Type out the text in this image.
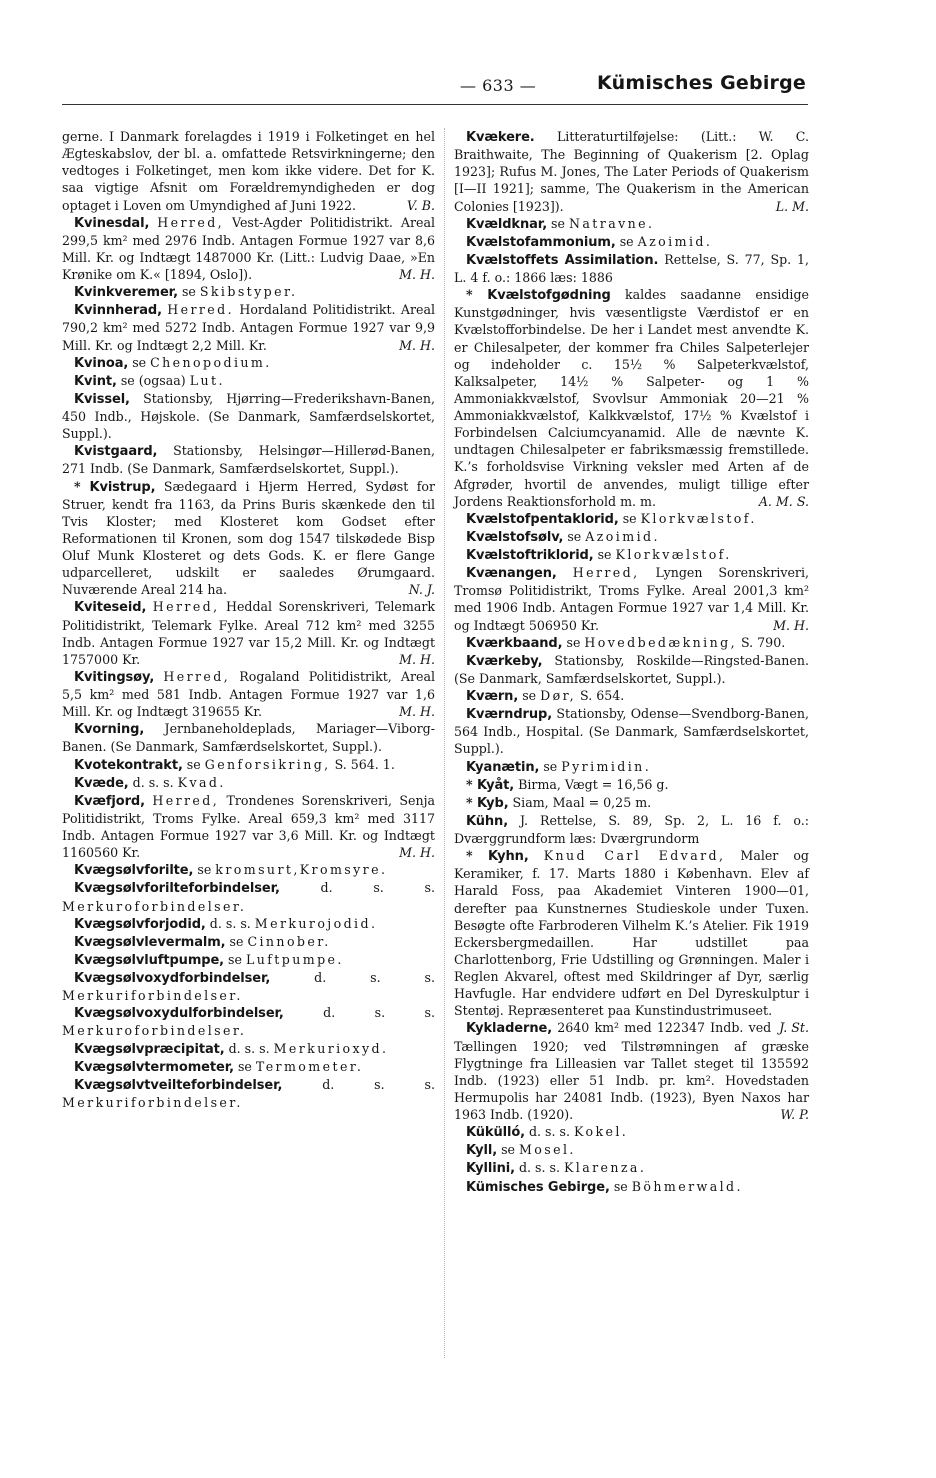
— 633 —	Kümisches Gebirge

gerne. I Danmark forelagdes i 1919 i Folketinget en hel Ægteskabslov, der bl. a. omfattede Retsvirkningerne; den vedtoges i Folketinget, men kom ikke videre. Det for K. saa vigtige Afsnit om Forældremyndigheden er dog optaget i Loven om Umyndighed af Juni 1922.	V. B.

Kvinesdal, Herred, Vest-Agder Politidistrikt. Areal 299,5 km² med 2976 Indb. Antagen Formue 1927 var 8,6 Mill. Kr. og Indtægt 1487000 Kr. (Litt.: Ludvig Daae, »En Krønike om K.« [1894, Oslo]).	M. H.

Kvinkveremer, se Skibstyper.

Kvinnherad, Herred. Hordaland Politidistrikt. Areal 790,2 km² med 5272 Indb. Antagen Formue 1927 var 9,9 Mill. Kr. og Indtægt 2,2 Mill. Kr.	M. H.

Kvinoa, se Chenopodium.

Kvint, se (ogsaa) Lut.

Kvissel, Stationsby, Hjørring—Frederikshavn-Banen, 450 Indb., Højskole. (Se Danmark, Samfærdselskortet, Suppl.).

Kvistgaard, Stationsby, Helsingør—Hillerød-Banen, 271 Indb. (Se Danmark, Samfærdselskortet, Suppl.).

* Kvistrup, Sædegaard i Hjerm Herred, Sydøst for Struer, kendt fra 1163, da Prins Buris skænkede den til Tvis Kloster; med Klosteret kom Godset efter Reformationen til Kronen, som dog 1547 tilskødede Bisp Oluf Munk Klosteret og dets Gods. K. er flere Gange udparcelleret, udskilt er saaledes Ørumgaard. Nuværende Areal 214 ha.	N. J.

Kviteseid, Herred, Heddal Sorenskriveri, Telemark Politidistrikt, Telemark Fylke. Areal 712 km² med 3255 Indb. Antagen Formue 1927 var 15,2 Mill. Kr. og Indtægt 1757000 Kr.	M. H.

Kvitingsøy, Herred, Rogaland Politidistrikt, Areal 5,5 km² med 581 Indb. Antagen Formue 1927 var 1,6 Mill. Kr. og Indtægt 319655 Kr.	M. H.

Kvorning, Jernbaneholdeplads, Mariager—Viborg-Banen. (Se Danmark, Samfærdselskortet, Suppl.).

Kvotekontrakt, se Genforsikring, S. 564. 1.

Kvæde, d. s. s. Kvad.

Kvæfjord, Herred, Trondenes Sorenskriveri, Senja Politidistrikt, Troms Fylke. Areal 659,3 km² med 3117 Indb. Antagen Formue 1927 var 3,6 Mill. Kr. og Indtægt 1160560 Kr.	M. H.

Kvægsølvforilte, se kromsurt,Kromsyre.

Kvægsølvforilteforbindelser, d. s. s. Merkuroforbindelser.

Kvægsølvforjodid, d. s. s. Merkurojodid.

Kvægsølvlevermalm, se Cinnober.

Kvægsølvluftpumpe, se Luftpumpe.

Kvægsølvoxydforbindelser, d. s. s. Merkuriforbindelser.

Kvægsølvoxydulforbindelser, d. s. s. Merkuroforbindelser.

Kvægsølvpræcipitat, d. s. s. Merkurioxyd.

Kvægsølvtermometer, se Termometer.

Kvægsølvtveilteforbindelser, d. s. s. Merkuriforbindelser.

Kvækere. Litteraturtilføjelse: (Litt.: W. C. Braithwaite, The Beginning of Quakerism [2. Oplag 1923]; Rufus M. Jones, The Later Periods of Quakerism [I—II 1921]; samme, The Quakerism in the American Colonies [1923]).	L. M.

Kvældknar, se Natravne.

Kvælstofammonium, se Azoimid.

Kvælstoffets Assimilation. Rettelse, S. 77, Sp. 1, L. 4 f. o.: 1866 læs: 1886

* Kvælstofgødning kaldes saadanne ensidige Kunstgødninger, hvis væsentligste Værdistof er en Kvælstofforbindelse. De her i Landet mest anvendte K. er Chilesalpeter, der kommer fra Chiles Salpeterlejer og indeholder c. 15½ % Salpeterkvælstof, Kalksalpeter, 14½ % Salpeter- og 1 % Ammoniakkvælstof, Svovlsur Ammoniak 20—21 % Ammoniakkvælstof, Kalkkvælstof, 17½ % Kvælstof i Forbindelsen Calciumcyanamid. Alle de nævnte K. undtagen Chilesalpeter er fabriksmæssig fremstillede. K.’s forholdsvise Virkning veksler med Arten af de Afgrøder, hvortil de anvendes, muligt tillige efter Jordens Reaktionsforhold m. m.	A. M. S.

Kvælstofpentaklorid, se Klorkvælstof.

Kvælstofsølv, se Azoimid.

Kvælstoftriklorid, se Klorkvælstof.

Kvænangen, Herred, Lyngen Sorenskriveri, Tromsø Politidistrikt, Troms Fylke. Areal 2001,3 km² med 1906 Indb. Antagen Formue 1927 var 1,4 Mill. Kr. og Indtægt 506950 Kr.	M. H.

Kværkbaand, se Hovedbedækning, S. 790.

Kværkeby, Stationsby, Roskilde—Ringsted-Banen. (Se Danmark, Samfærdselskortet, Suppl.).

Kværn, se Dør, S. 654.

Kværndrup, Stationsby, Odense—Svendborg-Banen, 564 Indb., Hospital. (Se Danmark, Samfærdselskortet, Suppl.).

Kyanætin, se Pyrimidin.

* Kyåt, Birma, Vægt = 16,56 g.

* Kyb, Siam, Maal = 0,25 m.

Kühn, J. Rettelse, S. 89, Sp. 2, L. 16 f. o.: Dværggrundform læs: Dværgrundorm

* Kyhn, Knud Carl Edvard, Maler og Keramiker, f. 17. Marts 1880 i København. Elev af Harald Foss, paa Akademiet Vinteren 1900—01, derefter paa Kunstnernes Studieskole under Tuxen. Besøgte ofte Farbroderen Vilhelm K.’s Atelier. Fik 1919 Eckersbergmedaillen. Har udstillet paa Charlottenborg, Frie Udstilling og Grønningen. Maler i Reglen Akvarel, oftest med Skildringer af Dyr, særlig Havfugle. Har endvidere udført en Del Dyreskulptur i Stentøj. Repræsenteret paa Kunstindustrimuseet.
J. St.

Kykladerne, 2640 km² med 122347 Indb. ved Tællingen 1920; ved Tilstrømningen af græske Flygtninge fra Lilleasien var Tallet steget til 135592 Indb. (1923) eller 51 Indb. pr. km². Hovedstaden Hermupolis har 24081 Indb. (1923), Byen Naxos har 1963 Indb. (1920).	W. P.

Kükülló, d. s. s. Kokel.

Kyll, se Mosel.

Kyllini, d. s. s. Klarenza.

Kümisches Gebirge, se Böhmerwald.
